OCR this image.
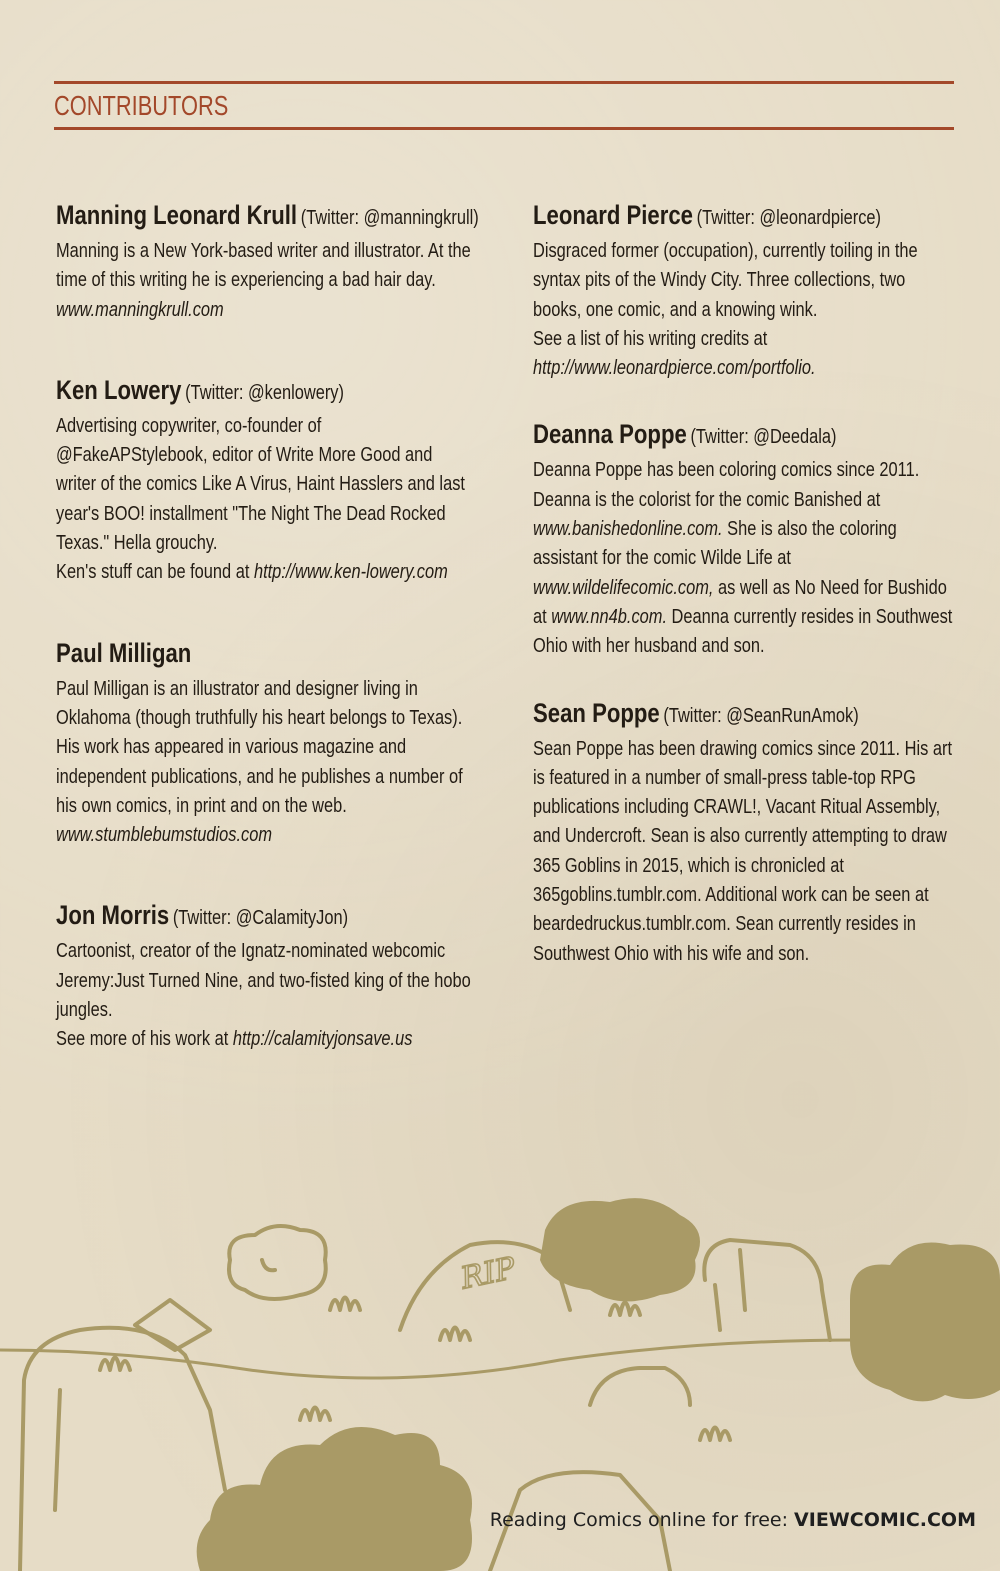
CONTRIBUTORS

Manning Leonard Krull (Twitter: @manningkrull)

Manning is a New York-based writer and illustrator. At the

time of this writing he is experiencing a bad hair day.

www.manningkrull.com

Ken Lowery (Twitter: @kenlowery)

Advertising copywriter, co-founder of

@FakeAPStylebook, editor of Write More Good and

writer of the comics Like A Virus, Haint Hasslers and last

year's BOO! installment "The Night The Dead Rocked

Texas." Hella grouchy.

Ken's stuff can be found at http://www.ken-lowery.com

Paul Milligan

Paul Milligan is an illustrator and designer living in

Oklahoma (though truthfully his heart belongs to Texas).

His work has appeared in various magazine and

independent publications, and he publishes a number of

his own comics, in print and on the web.

www.stumblebumstudios.com

Jon Morris (Twitter: @CalamityJon)

Cartoonist, creator of the Ignatz-nominated webcomic

Jeremy:Just Turned Nine, and two-fisted king of the hobo

jungles.

See more of his work at http://calamityjonsave.us

Leonard Pierce (Twitter: @leonardpierce)

Disgraced former (occupation), currently toiling in the

syntax pits of the Windy City. Three collections, two

books, one comic, and a knowing wink.

See a list of his writing credits at

http://www.leonardpierce.com/portfolio.

Deanna Poppe (Twitter: @Deedala)

Deanna Poppe has been coloring comics since 2011.

Deanna is the colorist for the comic Banished at

www.banishedonline.com. She is also the coloring

assistant for the comic Wilde Life at

www.wildelifecomic.com, as well as No Need for Bushido

at www.nn4b.com. Deanna currently resides in Southwest

Ohio with her husband and son.

Sean Poppe (Twitter: @SeanRunAmok)

Sean Poppe has been drawing comics since 2011. His art

is featured in a number of small-press table-top RPG

publications including CRAWL!, Vacant Ritual Assembly,

and Undercroft. Sean is also currently attempting to draw

365 Goblins in 2015, which is chronicled at

365goblins.tumblr.com. Additional work can be seen at

beardedruckus.tumblr.com. Sean currently resides in

Southwest Ohio with his wife and son.

RIP
Reading Comics online for free: VIEWCOMIC.COM
